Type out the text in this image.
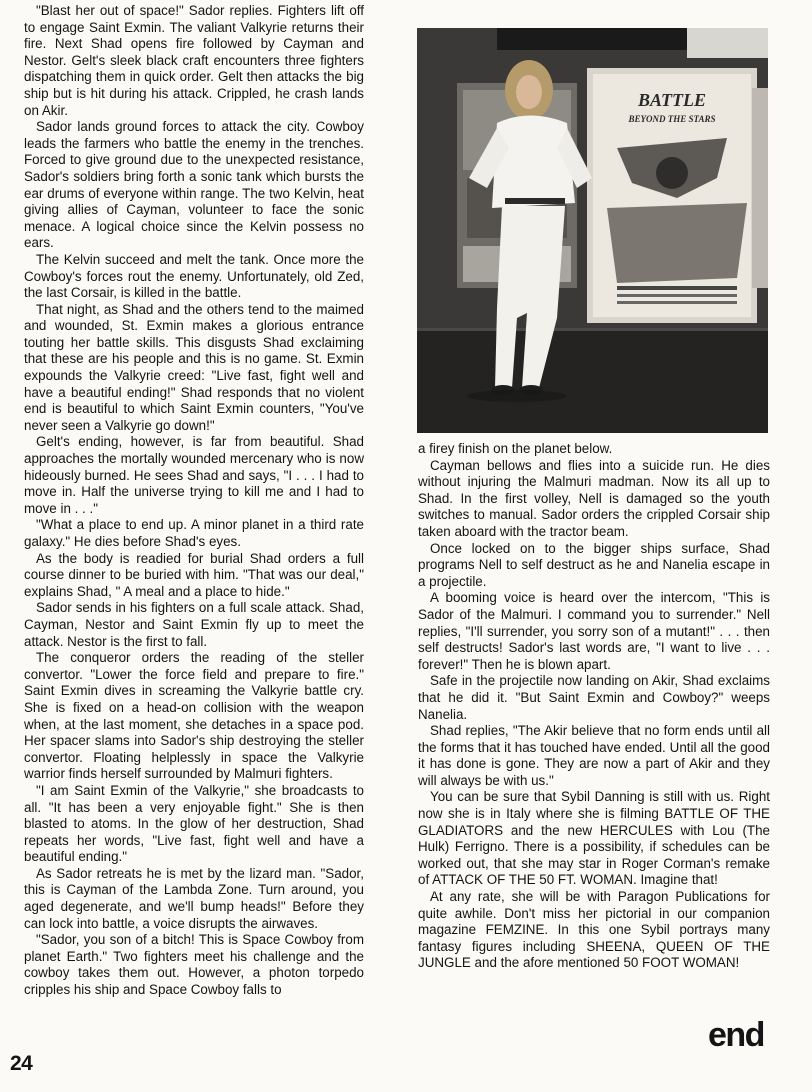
"Blast her out of space!" Sador replies. Fighters lift off to engage Saint Exmin. The valiant Valkyrie returns their fire. Next Shad opens fire followed by Cayman and Nestor. Gelt's sleek black craft encounters three fighters dispatching them in quick order. Gelt then attacks the big ship but is hit during his attack. Crippled, he crash lands on Akir.

Sador lands ground forces to attack the city. Cowboy leads the farmers who battle the enemy in the trenches. Forced to give ground due to the unexpected resistance, Sador's soldiers bring forth a sonic tank which bursts the ear drums of everyone within range. The two Kelvin, heat giving allies of Cayman, volunteer to face the sonic menace. A logical choice since the Kelvin possess no ears.

The Kelvin succeed and melt the tank. Once more the Cowboy's forces rout the enemy. Unfortunately, old Zed, the last Corsair, is killed in the battle.

That night, as Shad and the others tend to the maimed and wounded, St. Exmin makes a glorious entrance touting her battle skills. This disgusts Shad exclaiming that these are his people and this is no game. St. Exmin expounds the Valkyrie creed: "Live fast, fight well and have a beautiful ending!" Shad responds that no violent end is beautiful to which Saint Exmin counters, "You've never seen a Valkyrie go down!"

Gelt's ending, however, is far from beautiful. Shad approaches the mortally wounded mercenary who is now hideously burned. He sees Shad and says, "I . . . I had to move in. Half the universe trying to kill me and I had to move in . . ."

"What a place to end up. A minor planet in a third rate galaxy." He dies before Shad's eyes.

As the body is readied for burial Shad orders a full course dinner to be buried with him. "That was our deal," explains Shad, " A meal and a place to hide."

Sador sends in his fighters on a full scale attack. Shad, Cayman, Nestor and Saint Exmin fly up to meet the attack. Nestor is the first to fall.

The conqueror orders the reading of the steller convertor. "Lower the force field and prepare to fire." Saint Exmin dives in screaming the Valkyrie battle cry. She is fixed on a head-on collision with the weapon when, at the last moment, she detaches in a space pod. Her spacer slams into Sador's ship destroying the steller convertor. Floating helplessly in space the Valkyrie warrior finds herself surrounded by Malmuri fighters.

"I am Saint Exmin of the Valkyrie," she broadcasts to all. "It has been a very enjoyable fight." She is then blasted to atoms. In the glow of her destruction, Shad repeats her words, "Live fast, fight well and have a beautiful ending."

As Sador retreats he is met by the lizard man. "Sador, this is Cayman of the Lambda Zone. Turn around, you aged degenerate, and we'll bump heads!" Before they can lock into battle, a voice disrupts the airwaves.

"Sador, you son of a bitch! This is Space Cowboy from planet Earth." Two fighters meet his challenge and the cowboy takes them out. However, a photon torpedo cripples his ship and Space Cowboy falls to

BATTLE
BEYOND THE STARS

a firey finish on the planet below.

Cayman bellows and flies into a suicide run. He dies without injuring the Malmuri madman. Now its all up to Shad. In the first volley, Nell is damaged so the youth switches to manual. Sador orders the crippled Corsair ship taken aboard with the tractor beam.

Once locked on to the bigger ships surface, Shad programs Nell to self destruct as he and Nanelia escape in a projectile.

A booming voice is heard over the intercom, "This is Sador of the Malmuri. I command you to surrender." Nell replies, "I'll surrender, you sorry son of a mutant!" . . . then self destructs! Sador's last words are, "I want to live . . . forever!" Then he is blown apart.

Safe in the projectile now landing on Akir, Shad exclaims that he did it. "But Saint Exmin and Cowboy?" weeps Nanelia.

Shad replies, "The Akir believe that no form ends until all the forms that it has touched have ended. Until all the good it has done is gone. They are now a part of Akir and they will always be with us."

You can be sure that Sybil Danning is still with us. Right now she is in Italy where she is filming BATTLE OF THE GLADIATORS and the new HERCULES with Lou (The Hulk) Ferrigno. There is a possibility, if schedules can be worked out, that she may star in Roger Corman's remake of ATTACK OF THE 50 FT. WOMAN. Imagine that!

At any rate, she will be with Paragon Publications for quite awhile. Don't miss her pictorial in our companion magazine FEMZINE. In this one Sybil portrays many fantasy figures including SHEENA, QUEEN OF THE JUNGLE and the afore mentioned 50 FOOT WOMAN!

24
end
